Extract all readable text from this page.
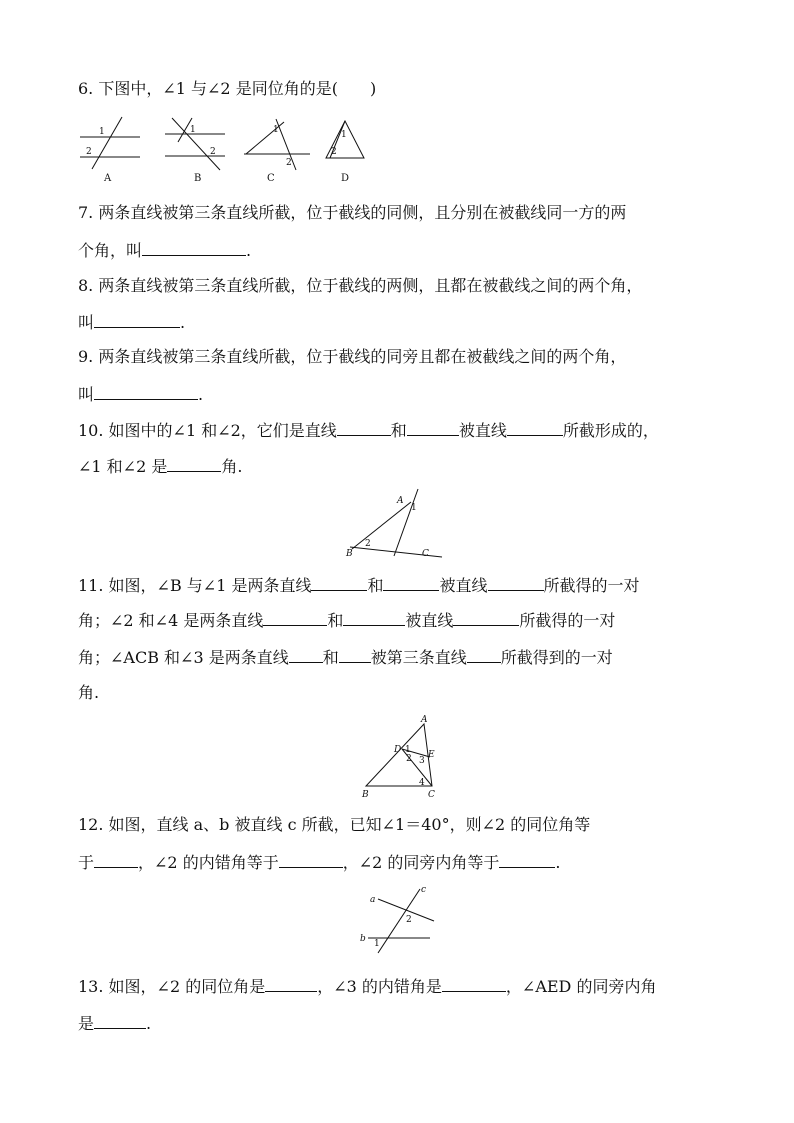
6. 下图中，∠1 与∠2 是同位角的是(　　)
1
2
A
1
2
B
1
2
C
1
2
D
7. 两条直线被第三条直线所截，位于截线的同侧，且分别在被截线同一方的两
个角，叫	.
8. 两条直线被第三条直线所截，位于截线的两侧，且都在被截线之间的两个角，
叫	.
9. 两条直线被第三条直线所截，位于截线的同旁且都在被截线之间的两个角，
叫	.
10. 如图中的∠1 和∠2，它们是直线	和	被直线	所截形成的，
∠1 和∠2 是	角.
A
1
B
2
C
11. 如图，∠B 与∠1 是两条直线	和	被直线	所截得的一对
角；∠2 和∠4 是两条直线	和	被直线	所截得的一对
角；∠ACB 和∠3 是两条直线 和 被第三条直线 所截得到的一对
角.
A
D 1
2 3
E
4
B	C
12. 如图，直线 a、b 被直线 c 所截，已知∠1＝40°，则∠2 的同位角等
于	，∠2 的内错角等于	，∠2 的同旁内角等于	.
a
c
2
b 1
13. 如图，∠2 的同位角是	，∠3 的内错角是	，∠AED 的同旁内角
是	.
